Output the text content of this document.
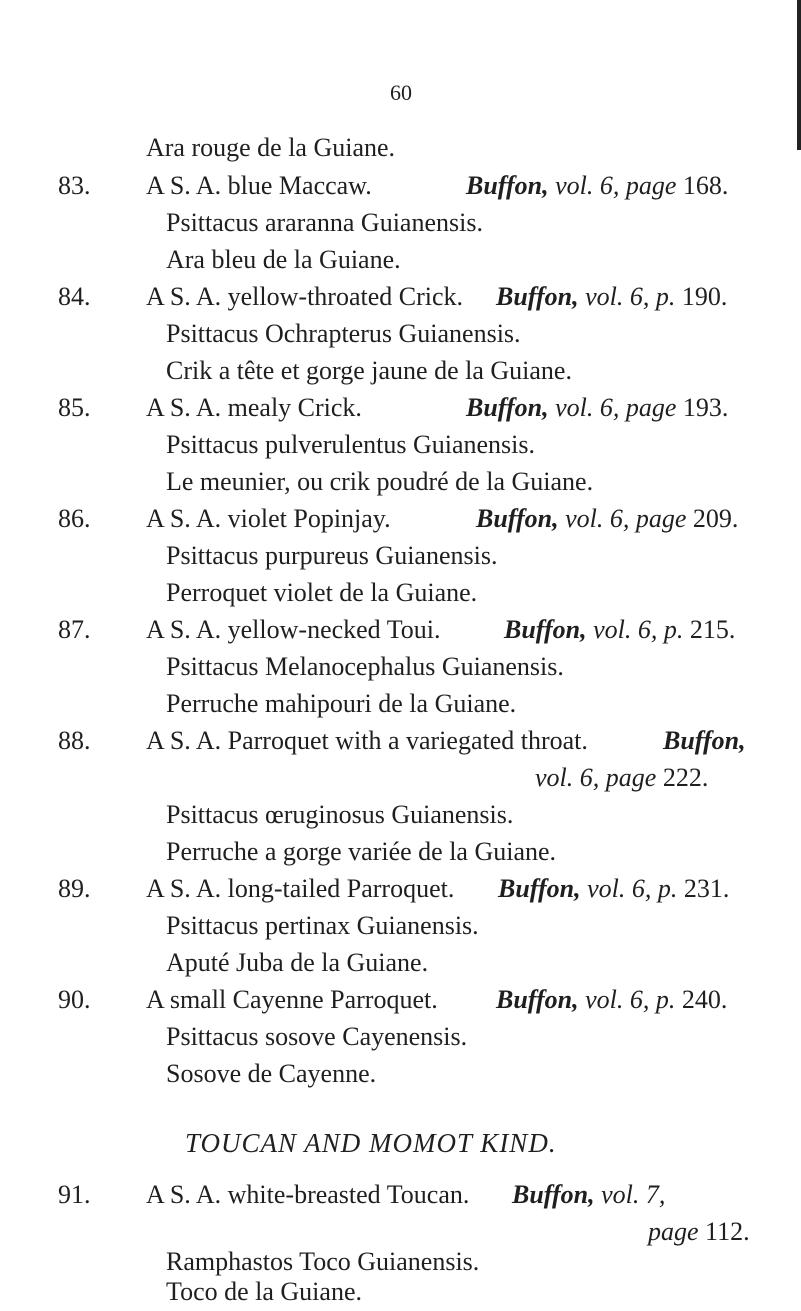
60
Ara rouge de la Guiane.
83. A S. A. blue Maccaw.	Buffon, vol. 6, page 168.
Psittacus araranna Guianensis.
Ara bleu de la Guiane.
84. A S. A. yellow-throated Crick. Buffon, vol. 6, p. 190.
Psittacus Ochrapterus Guianensis.
Crik a tête et gorge jaune de la Guiane.
85. A S. A. mealy Crick.	Buffon, vol. 6, page 193.
Psittacus pulverulentus Guianensis.
Le meunier, ou crik poudré de la Guiane.
86. A S. A. violet Popinjay.	Buffon, vol. 6, page 209.
Psittacus purpureus Guianensis.
Perroquet violet de la Guiane.
87. A S. A. yellow-necked Toui. Buffon, vol. 6, p. 215.
Psittacus Melanocephalus Guianensis.
Perruche mahipouri de la Guiane.
88. A S. A. Parroquet with a variegated throat.	Buffon,
vol. 6, page 222.
Psittacus œruginosus Guianensis.
Perruche a gorge variée de la Guiane.
89. A S. A. long-tailed Parroquet. Buffon, vol. 6, p. 231.
Psittacus pertinax Guianensis.
Aputé Juba de la Guiane.
90. A small Cayenne Parroquet. Buffon, vol. 6, p. 240.
Psittacus sosove Cayenensis.
Sosove de Cayenne.
TOUCAN AND MOMOT KIND.
91. A S. A. white-breasted Toucan. Buffon, vol. 7,
page 112.
Ramphastos Toco Guianensis.
Toco de la Guiane.
